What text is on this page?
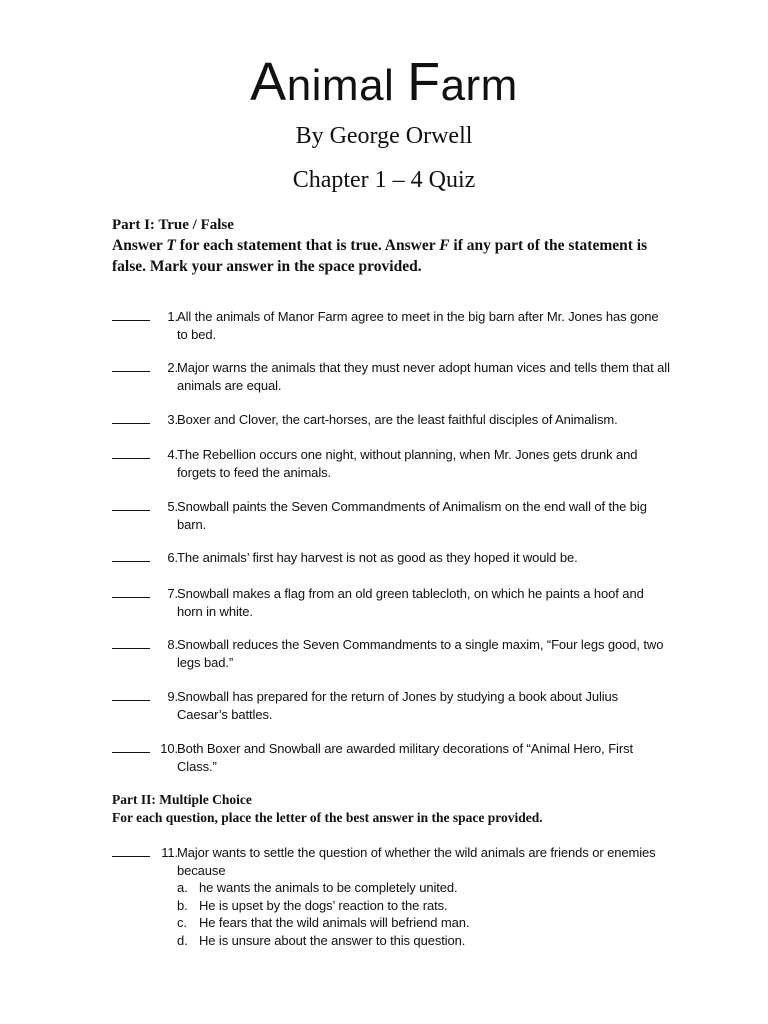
Animal Farm
By George Orwell
Chapter 1 – 4 Quiz
Part I: True / False
Answer T for each statement that is true. Answer F if any part of the statement is false. Mark your answer in the space provided.
1. All the animals of Manor Farm agree to meet in the big barn after Mr. Jones has gone to bed.
2. Major warns the animals that they must never adopt human vices and tells them that all animals are equal.
3. Boxer and Clover, the cart-horses, are the least faithful disciples of Animalism.
4. The Rebellion occurs one night, without planning, when Mr. Jones gets drunk and forgets to feed the animals.
5. Snowball paints the Seven Commandments of Animalism on the end wall of the big barn.
6. The animals’ first hay harvest is not as good as they hoped it would be.
7. Snowball makes a flag from an old green tablecloth, on which he paints a hoof and horn in white.
8. Snowball reduces the Seven Commandments to a single maxim, “Four legs good, two legs bad.”
9. Snowball has prepared for the return of Jones by studying a book about Julius Caesar’s battles.
10. Both Boxer and Snowball are awarded military decorations of “Animal Hero, First Class.”
Part II: Multiple Choice
For each question, place the letter of the best answer in the space provided.
11. Major wants to settle the question of whether the wild animals are friends or enemies because
a. he wants the animals to be completely united.
b. He is upset by the dogs’ reaction to the rats.
c. He fears that the wild animals will befriend man.
d. He is unsure about the answer to this question.
